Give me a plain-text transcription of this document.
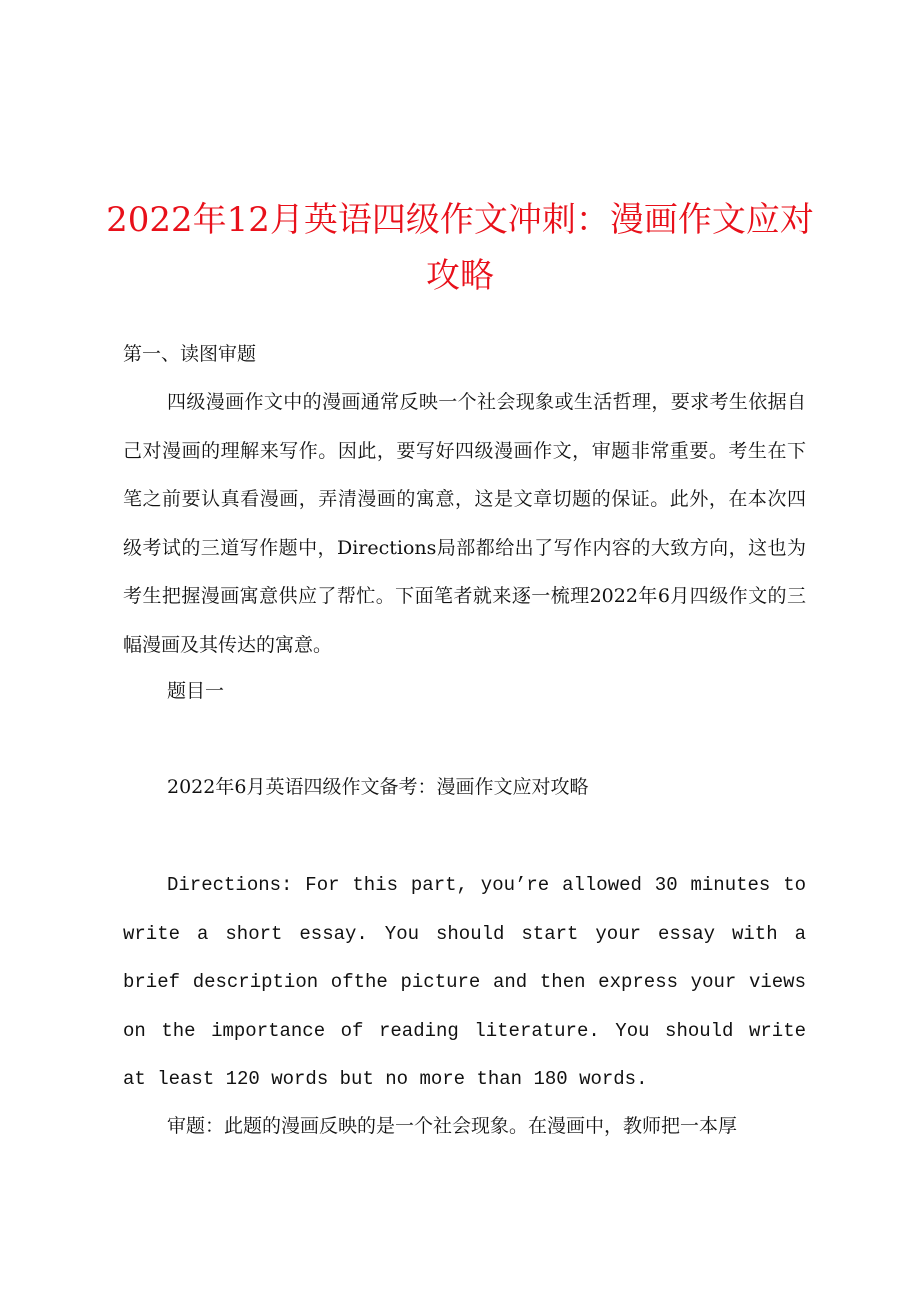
2022年12月英语四级作文冲刺：漫画作文应对攻略

第一、读图审题

四级漫画作文中的漫画通常反映一个社会现象或生活哲理，要求考生依据自己对漫画的理解来写作。因此，要写好四级漫画作文，审题非常重要。考生在下笔之前要认真看漫画，弄清漫画的寓意，这是文章切题的保证。此外，在本次四级考试的三道写作题中，Directions局部都给出了写作内容的大致方向，这也为考生把握漫画寓意供应了帮忙。下面笔者就来逐一梳理2022年6月四级作文的三幅漫画及其传达的寓意。

题目一

2022年6月英语四级作文备考：漫画作文应对攻略

Directions: For this part, you’re allowed 30 minutes to write a short essay. You should start your essay with a brief description ofthe picture and then express your views on the importance of reading literature. You should write at least 120 words but no more than 180 words.

审题：此题的漫画反映的是一个社会现象。在漫画中，教师把一本厚
